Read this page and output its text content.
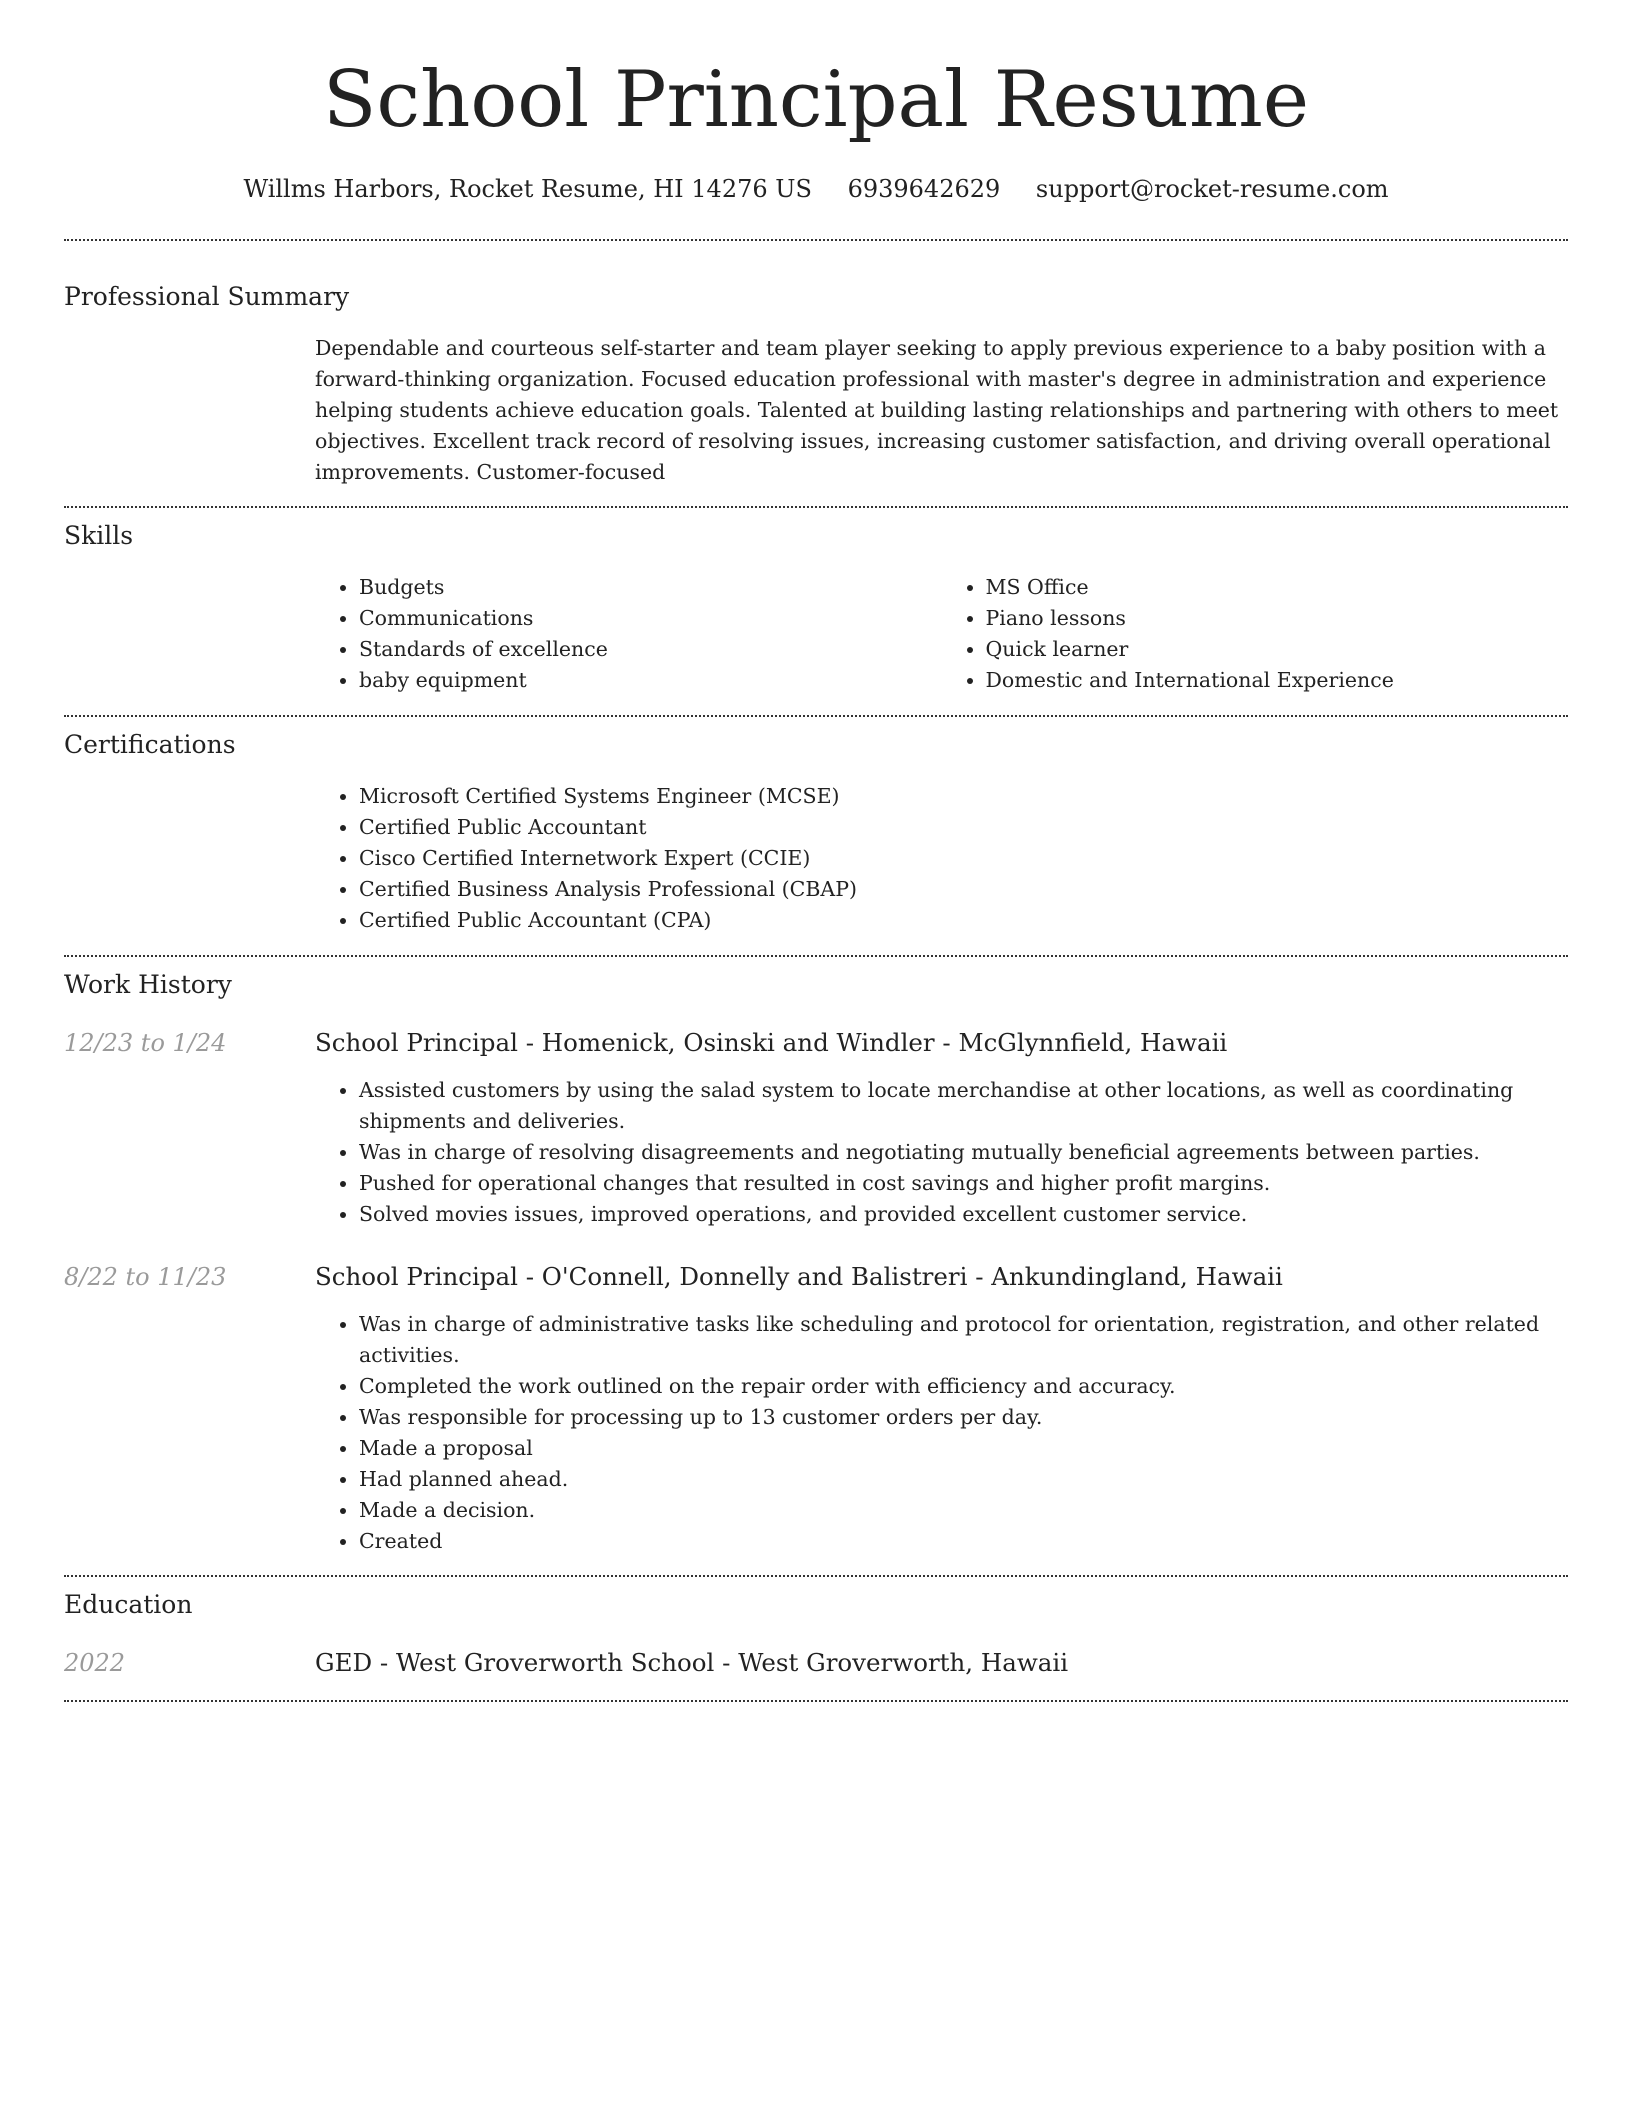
School Principal Resume
Willms Harbors, Rocket Resume, HI 14276 US 6939642629 support@rocket-resume.com
Professional Summary
Dependable and courteous self-starter and team player seeking to apply previous experience to a baby position with a forward-thinking organization. Focused education professional with master's degree in administration and experience helping students achieve education goals. Talented at building lasting relationships and partnering with others to meet objectives. Excellent track record of resolving issues, increasing customer satisfaction, and driving overall operational improvements. Customer-focused
Skills
• Budgets
• Communications
• Standards of excellence
• baby equipment
• MS Office
• Piano lessons
• Quick learner
• Domestic and International Experience
Certifications
• Microsoft Certified Systems Engineer (MCSE)
• Certified Public Accountant
• Cisco Certified Internetwork Expert (CCIE)
• Certified Business Analysis Professional (CBAP)
• Certified Public Accountant (CPA)
Work History
12/23 to 1/24	School Principal - Homenick, Osinski and Windler - McGlynnfield, Hawaii
• Assisted customers by using the salad system to locate merchandise at other locations, as well as coordinating shipments and deliveries.
• Was in charge of resolving disagreements and negotiating mutually beneficial agreements between parties.
• Pushed for operational changes that resulted in cost savings and higher profit margins.
• Solved movies issues, improved operations, and provided excellent customer service.
8/22 to 11/23	School Principal - O'Connell, Donnelly and Balistreri - Ankundingland, Hawaii
• Was in charge of administrative tasks like scheduling and protocol for orientation, registration, and other related activities.
• Completed the work outlined on the repair order with efficiency and accuracy.
• Was responsible for processing up to 13 customer orders per day.
• Made a proposal
• Had planned ahead.
• Made a decision.
• Created
Education
2022	GED - West Groverworth School - West Groverworth, Hawaii
